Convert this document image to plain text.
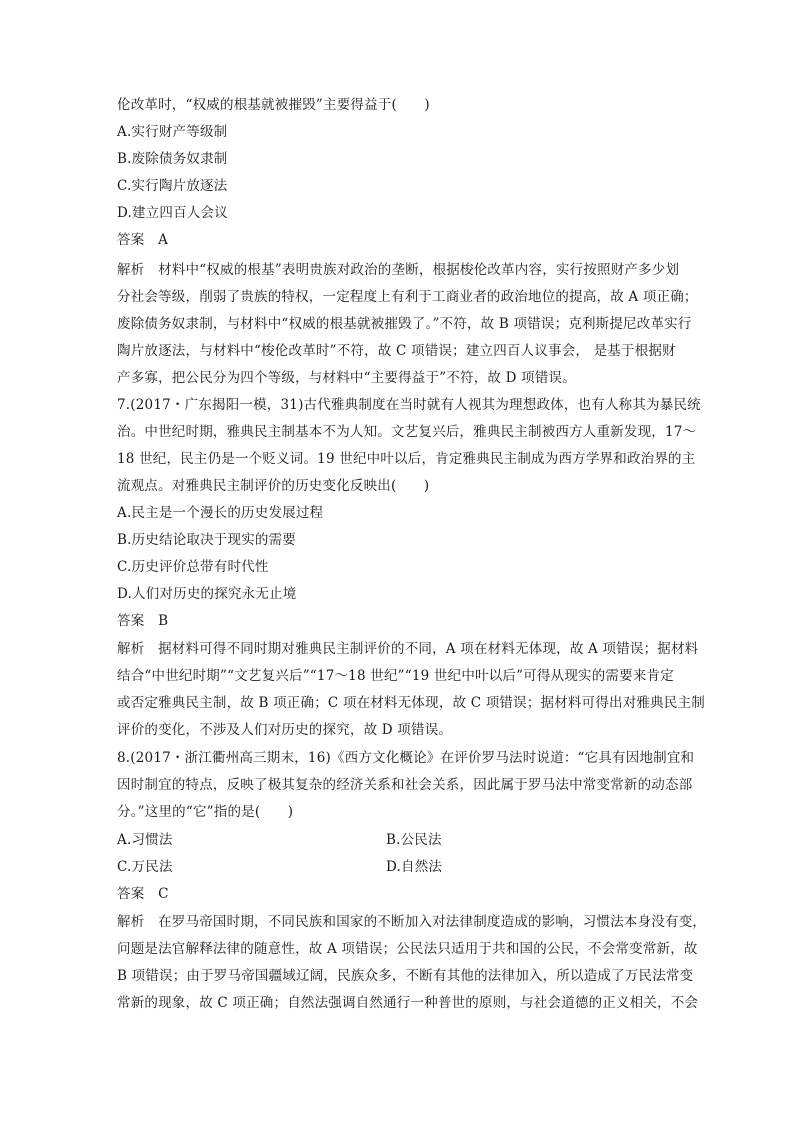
伦改革时，“权威的根基就被摧毁”主要得益于(　　)
A.实行财产等级制
B.废除债务奴隶制
C.实行陶片放逐法
D.建立四百人会议
答案　A
解析　材料中“权威的根基”表明贵族对政治的垄断，根据梭伦改革内容，实行按照财产多少划
分社会等级，削弱了贵族的特权，一定程度上有利于工商业者的政治地位的提高，故 A 项正确；
废除债务奴隶制，与材料中“权威的根基就被摧毁了。”不符，故 B 项错误；克利斯提尼改革实行
陶片放逐法，与材料中“梭伦改革时”不符，故 C 项错误；建立四百人议事会， 是基于根据财
产多寡，把公民分为四个等级，与材料中“主要得益于”不符，故 D 项错误。
7.(2017・广东揭阳一模，31)古代雅典制度在当时就有人视其为理想政体，也有人称其为暴民统
治。中世纪时期，雅典民主制基本不为人知。文艺复兴后，雅典民主制被西方人重新发现，17～
18 世纪，民主仍是一个贬义词。19 世纪中叶以后，肯定雅典民主制成为西方学界和政治界的主
流观点。对雅典民主制评价的历史变化反映出(　　)
A.民主是一个漫长的历史发展过程
B.历史结论取决于现实的需要
C.历史评价总带有时代性
D.人们对历史的探究永无止境
答案　B
解析　据材料可得不同时期对雅典民主制评价的不同，A 项在材料无体现，故 A 项错误；据材料
结合“中世纪时期”“文艺复兴后”“17～18 世纪”“19 世纪中叶以后”可得从现实的需要来肯定
或否定雅典民主制，故 B 项正确；C 项在材料无体现，故 C 项错误；据材料可得出对雅典民主制
评价的变化，不涉及人们对历史的探究，故 D 项错误。
8.(2017・浙江衢州高三期末，16)《西方文化概论》在评价罗马法时说道：“它具有因地制宜和
因时制宜的特点，反映了极其复杂的经济关系和社会关系，因此属于罗马法中常变常新的动态部
分。”这里的“它”指的是(　　)
A.习惯法	B.公民法
C.万民法	D.自然法
答案　C
解析　在罗马帝国时期，不同民族和国家的不断加入对法律制度造成的影响，习惯法本身没有变，
问题是法官解释法律的随意性，故 A 项错误；公民法只适用于共和国的公民，不会常变常新，故
B 项错误；由于罗马帝国疆域辽阔，民族众多，不断有其他的法律加入，所以造成了万民法常变
常新的现象，故 C 项正确；自然法强调自然通行一种普世的原则，与社会道德的正义相关，不会
